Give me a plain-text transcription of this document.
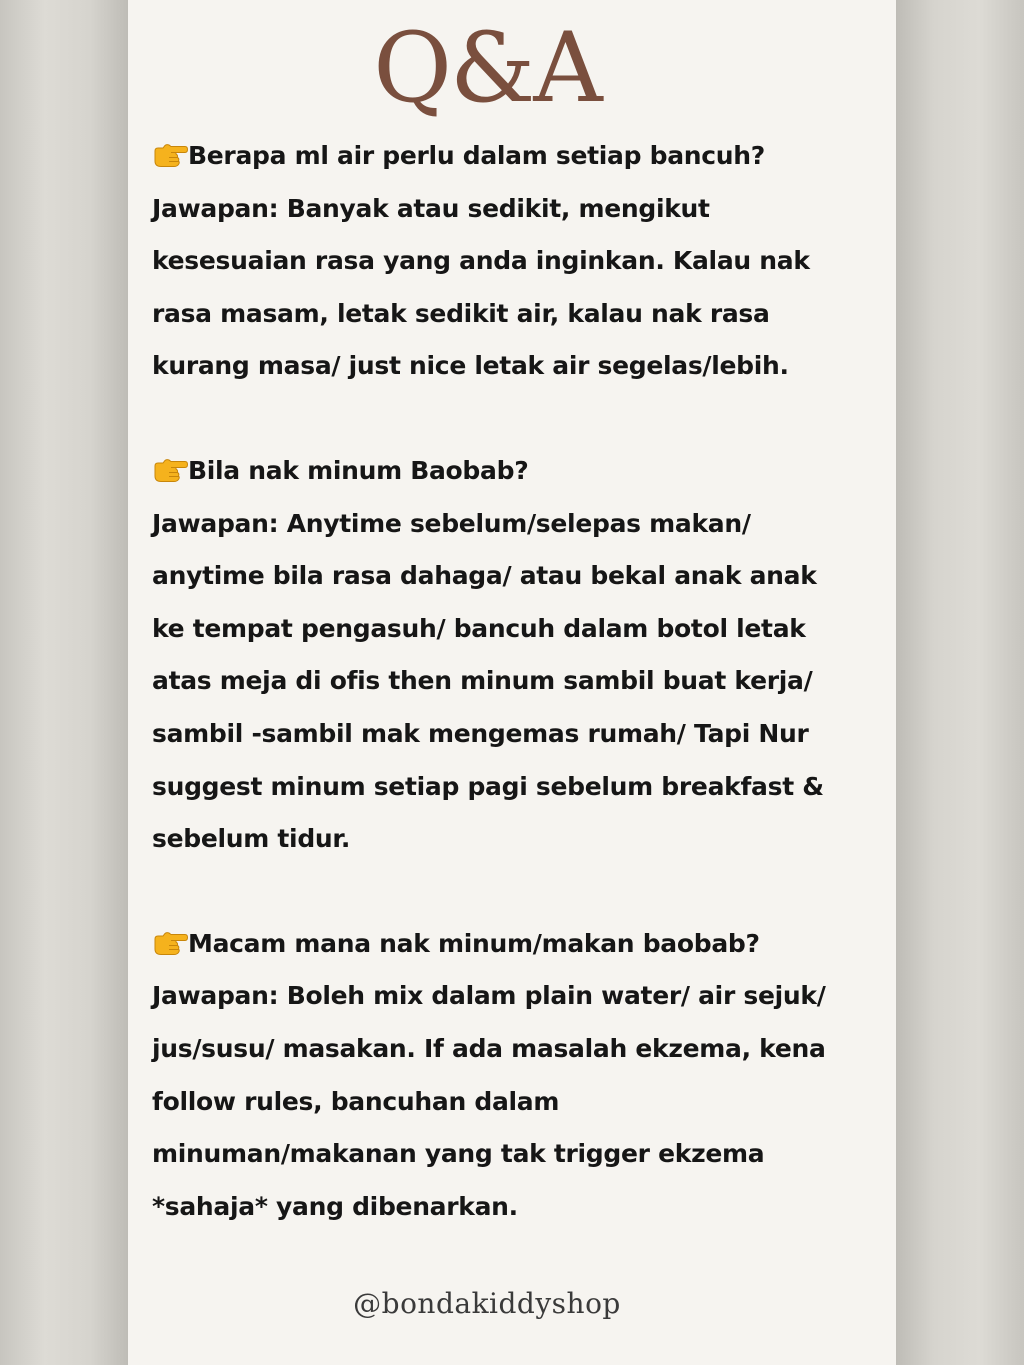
Q&A

Berapa ml air perlu dalam setiap bancuh?

Jawapan: Banyak atau sedikit, mengikut

kesesuaian rasa yang anda inginkan. Kalau nak

rasa masam, letak sedikit air, kalau nak rasa

kurang masa/ just nice letak air segelas/lebih.

Bila nak minum Baobab?

Jawapan: Anytime sebelum/selepas makan/

anytime bila rasa dahaga/ atau bekal anak anak

ke tempat pengasuh/ bancuh dalam botol letak

atas meja di ofis then minum sambil buat kerja/

sambil -sambil mak mengemas rumah/ Tapi Nur

suggest minum setiap pagi sebelum breakfast &

sebelum tidur.

Macam mana nak minum/makan baobab?

Jawapan: Boleh mix dalam plain water/ air sejuk/

jus/susu/ masakan. If ada masalah ekzema, kena

follow rules, bancuhan dalam

minuman/makanan yang tak trigger ekzema

*sahaja* yang dibenarkan.

@bondakiddyshop
